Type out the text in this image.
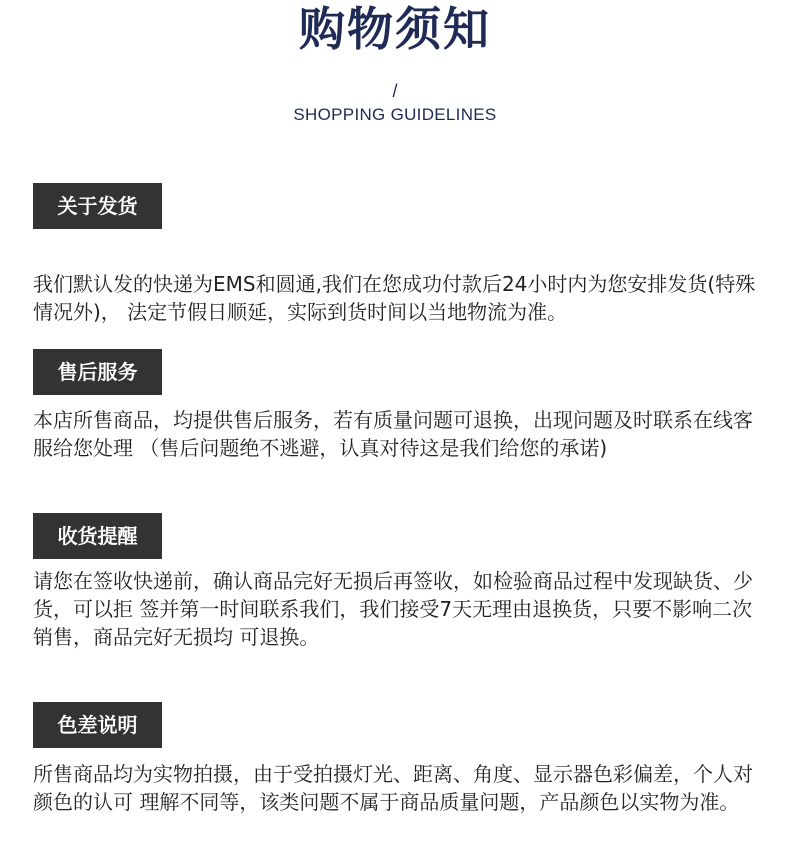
购物须知
/
SHOPPING GUIDELINES
关于发货

我们默认发的快递为EMS和圆通,我们在您成功付款后24小时内为您安排发货(特殊情况外)， 法定节假日顺延，实际到货时间以当地物流为准。

售后服务

本店所售商品，均提供售后服务，若有质量问题可退换，出现问题及时联系在线客服给您处理 （售后问题绝不逃避，认真对待这是我们给您的承诺)

收货提醒

请您在签收快递前，确认商品完好无损后再签收，如检验商品过程中发现缺货、少货，可以拒 签并第一时间联系我们，我们接受7天无理由退换货，只要不影响二次销售，商品完好无损均 可退换。

色差说明

所售商品均为实物拍摄，由于受拍摄灯光、距离、角度、显示器色彩偏差，个人对颜色的认可 理解不同等，该类问题不属于商品质量问题，产品颜色以实物为准。
